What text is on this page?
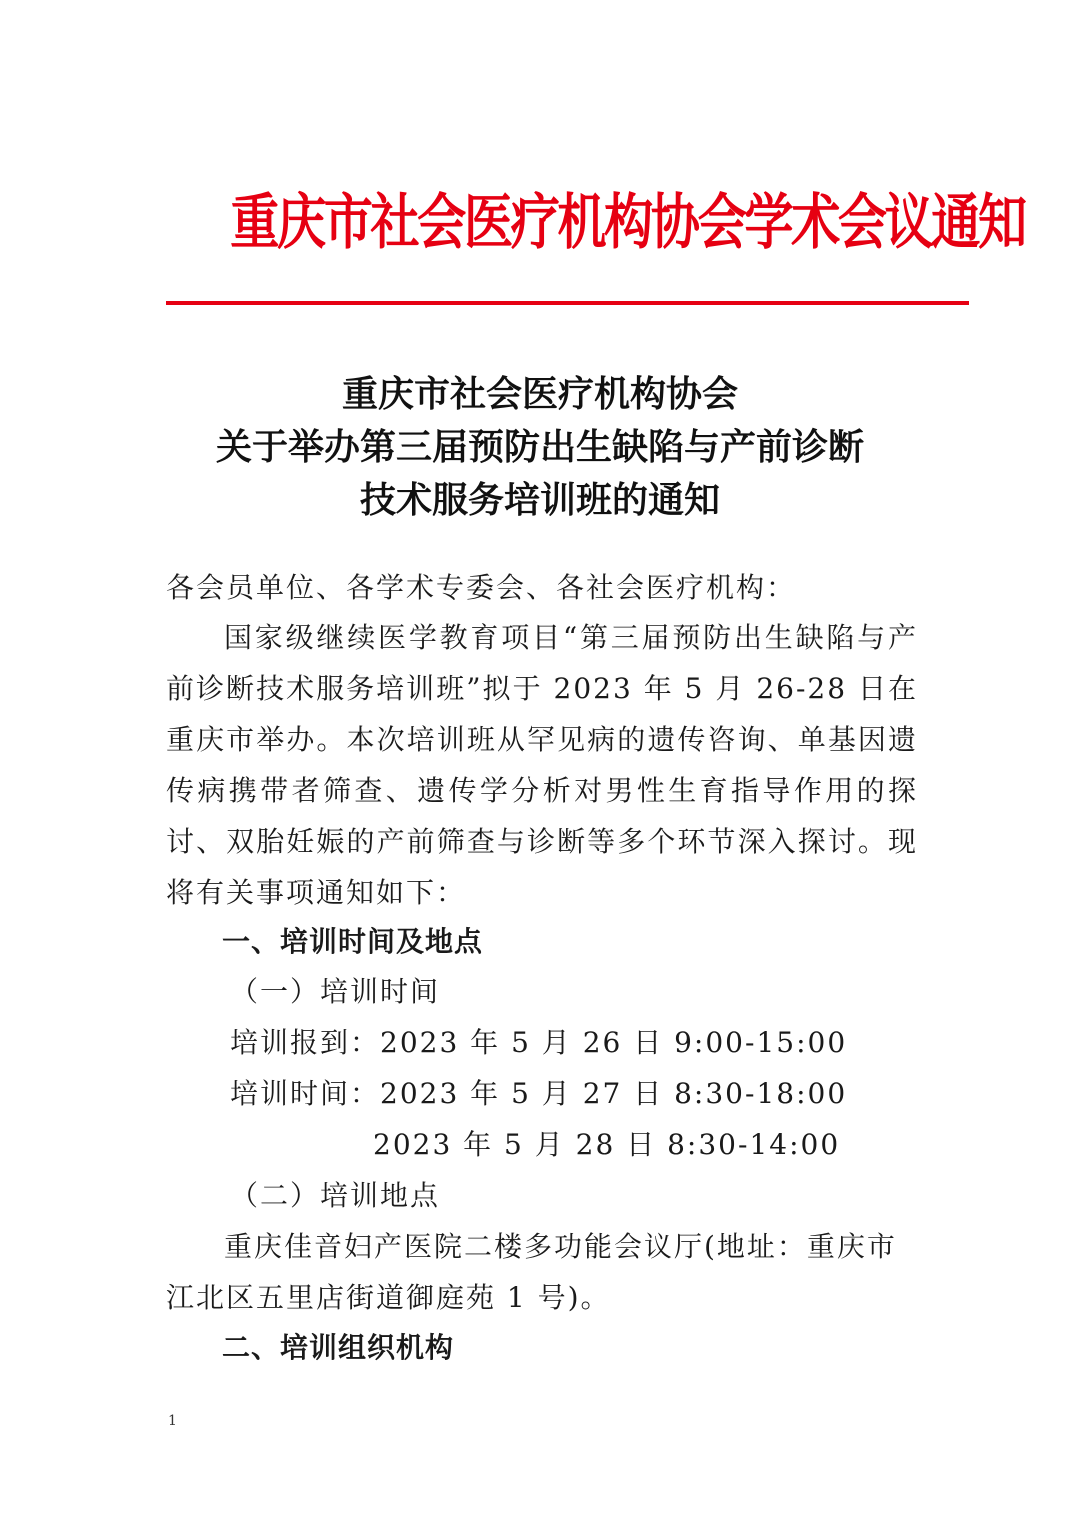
重庆市社会医疗机构协会学术会议通知
重庆市社会医疗机构协会
关于举办第三届预防出生缺陷与产前诊断
技术服务培训班的通知
各会员单位、各学术专委会、各社会医疗机构：
国家级继续医学教育项目“第三届预防出生缺陷与产前诊断技术服务培训班”拟于 2023 年 5 月 26-28 日在重庆市举办。本次培训班从罕见病的遗传咨询、单基因遗传病携带者筛查、遗传学分析对男性生育指导作用的探讨、双胎妊娠的产前筛查与诊断等多个环节深入探讨。现将有关事项通知如下：
一、培训时间及地点
（一）培训时间
培训报到：2023 年 5 月 26 日 9:00-15:00
培训时间：2023 年 5 月 27 日 8:30-18:00
2023 年 5 月 28 日 8:30-14:00
（二）培训地点
重庆佳音妇产医院二楼多功能会议厅(地址：重庆市江北区五里店街道御庭苑 1 号)。
二、培训组织机构
1
